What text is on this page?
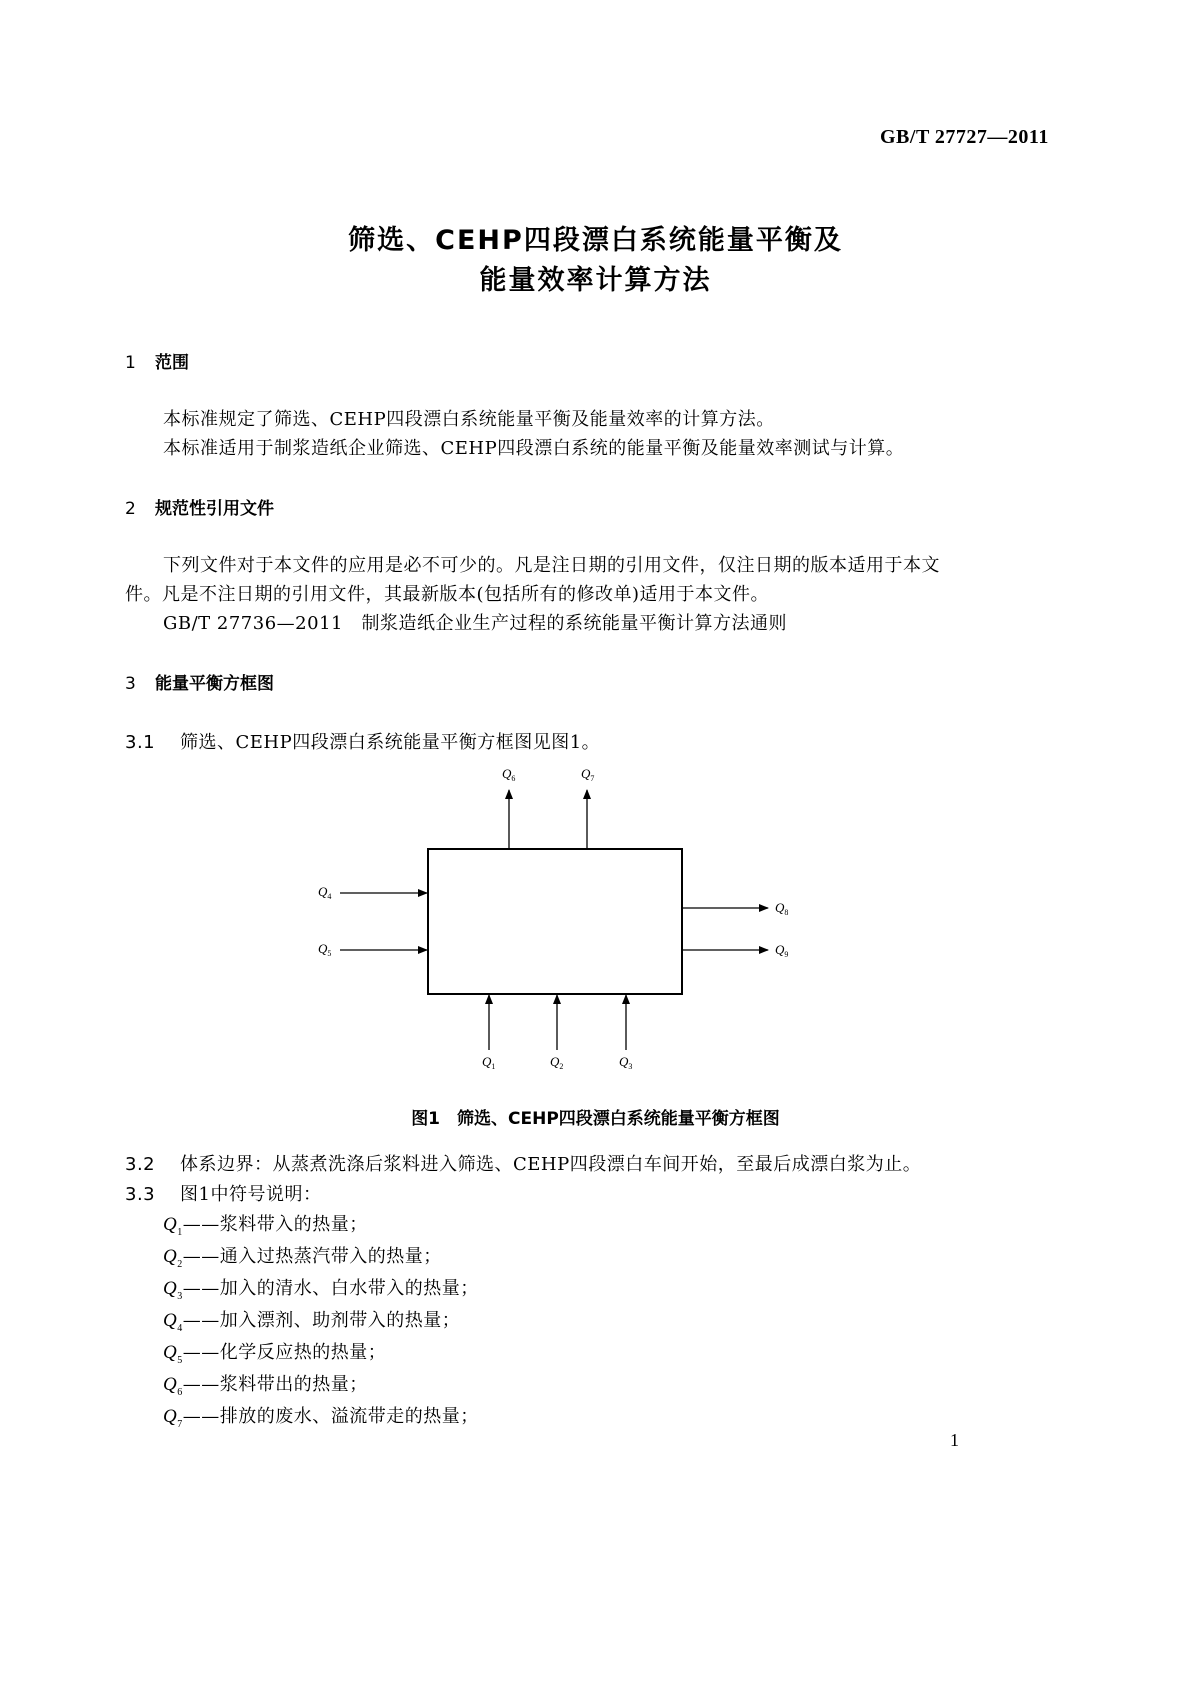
GB/T 27727—2011
筛选、CEHP四段漂白系统能量平衡及
能量效率计算方法
1 范围
本标准规定了筛选、CEHP四段漂白系统能量平衡及能量效率的计算方法。
本标准适用于制浆造纸企业筛选、CEHP四段漂白系统的能量平衡及能量效率测试与计算。
2 规范性引用文件
下列文件对于本文件的应用是必不可少的。凡是注日期的引用文件，仅注日期的版本适用于本文
件。凡是不注日期的引用文件，其最新版本(包括所有的修改单)适用于本文件。
GB/T 27736—2011　制浆造纸企业生产过程的系统能量平衡计算方法通则
3 能量平衡方框图
3.1 筛选、CEHP四段漂白系统能量平衡方框图见图1。
$Q_6$	$Q_7$
$Q_4$
$Q_5$
$Q_8$
$Q_9$
$Q_1$	$Q_2$	$Q_3$
图1　筛选、CEHP四段漂白系统能量平衡方框图
3.2 体系边界：从蒸煮洗涤后浆料进入筛选、CEHP四段漂白车间开始，至最后成漂白浆为止。
3.3 图1中符号说明：
$Q_1——$浆料带入的热量；
$Q_2——$通入过热蒸汽带入的热量；
$Q_3——$加入的清水、白水带入的热量；
$Q_4——$加入漂剂、助剂带入的热量；
$Q_5——$化学反应热的热量；
$Q_6——$浆料带出的热量；
$Q_7——$排放的废水、溢流带走的热量；
1
